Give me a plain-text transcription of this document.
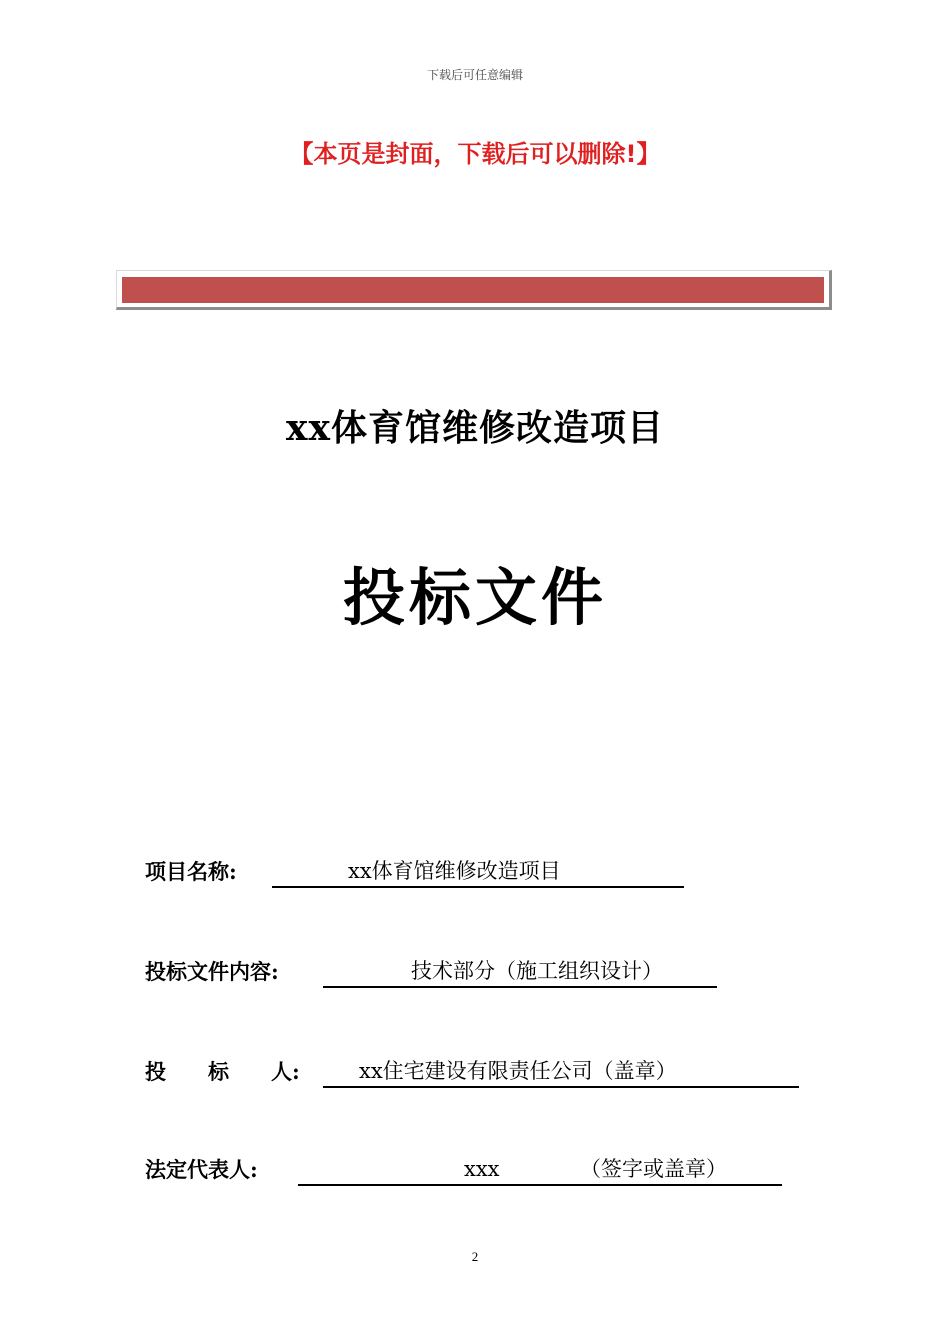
下载后可任意编辑
【本页是封面，下载后可以删除!】
xx体育馆维修改造项目
投标文件
项目名称:	xx体育馆维修改造项目
投标文件内容:	技术部分（施工组织设计）
投　　标　　人:	xx住宅建设有限责任公司（盖章）
法定代表人:	xxx	（签字或盖章）
2
